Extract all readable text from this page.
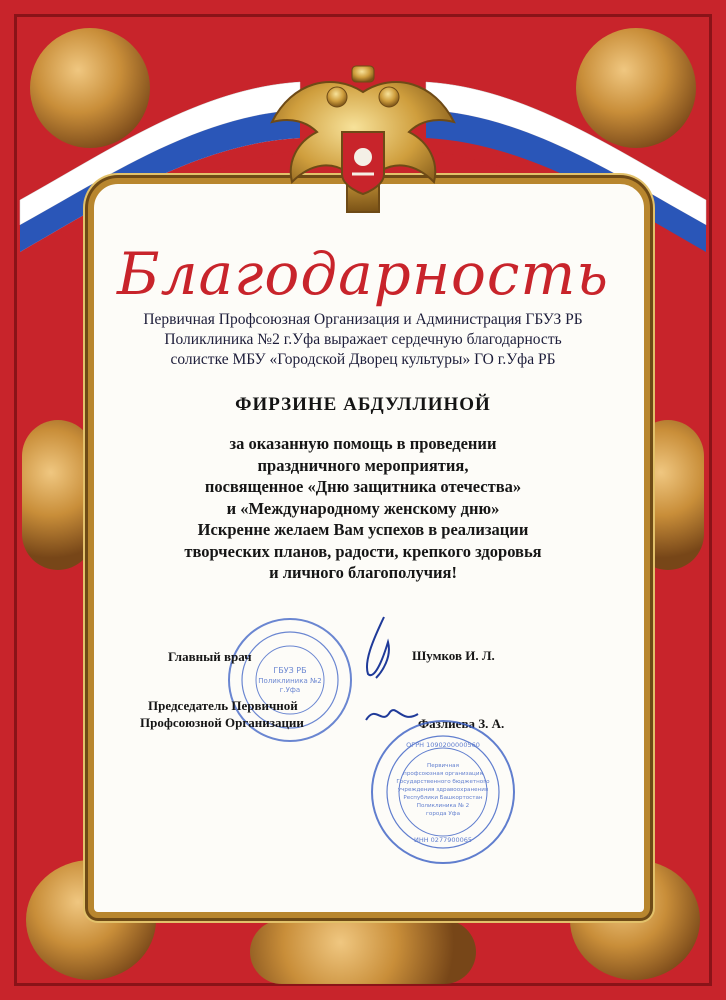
Благодарность
Первичная Профсоюзная Организация и Администрация ГБУЗ РБ
Поликлиника №2 г.Уфа выражает сердечную благодарность
солистке МБУ «Городской Дворец культуры» ГО г.Уфа РБ
ФИРЗИНЕ АБДУЛЛИНОЙ
за оказанную помощь в проведении
праздничного мероприятия,
посвященное «Дню защитника отечества»
и «Международному женскому дню»
Искренне желаем Вам успехов в реализации
творческих планов, радости, крепкого здоровья
и личного благополучия!
ГБУЗ РБ
Поликлиника №2
г.Уфа
Главный врач	Шумков И. Л.
Председатель Первичной
Профсоюзной Организации	Фазлиева З. А.
ОГРН 1090200000560
ИНН 0277900065
Первичная
профсоюзная организация
Государственного бюджетного
учреждения здравоохранения
Республики Башкортостан
Поликлиника № 2
города Уфа
